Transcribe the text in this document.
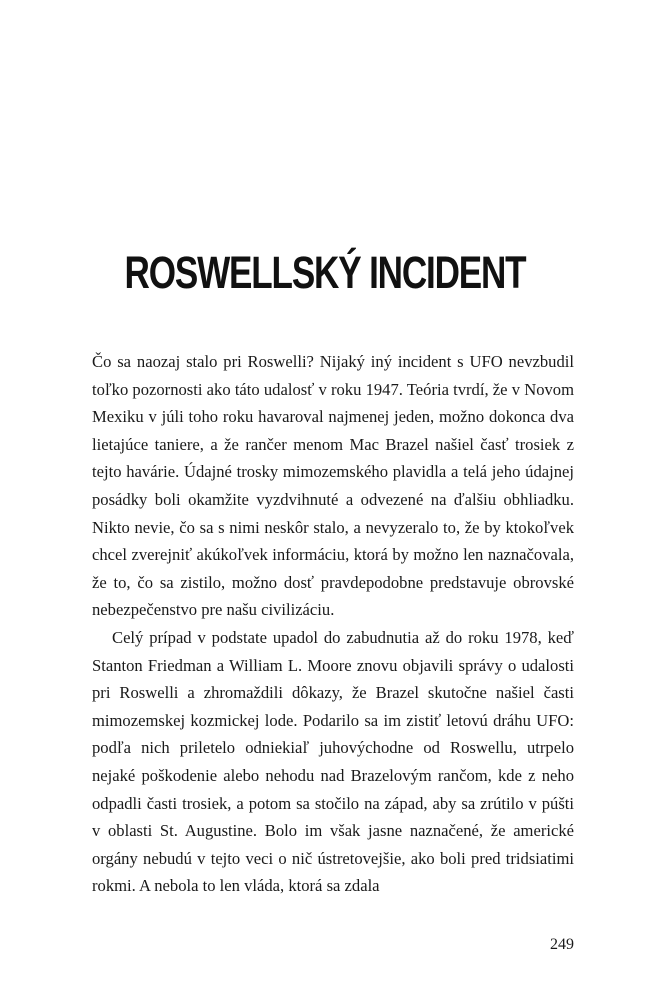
ROSWELLSKÝ INCIDENT

Čo sa naozaj stalo pri Roswelli? Nijaký iný incident s UFO nevzbudil toľko pozornosti ako táto udalosť v roku 1947. Teória tvrdí, že v Novom Mexiku v júli toho roku havaroval najmenej jeden, možno dokonca dva lietajúce taniere, a že rančer menom Mac Brazel našiel časť trosiek z tejto havárie. Údajné trosky mimozemského plavidla a telá jeho údajnej posádky boli okamžite vyzdvihnuté a odvezené na ďalšiu obhliadku. Nikto nevie, čo sa s nimi neskôr stalo, a nevyzeralo to, že by ktokoľvek chcel zverejniť akúkoľvek informáciu, ktorá by možno len naznačovala, že to, čo sa zistilo, možno dosť pravdepodobne predstavuje obrovské nebezpečenstvo pre našu civilizáciu.

Celý prípad v podstate upadol do zabudnutia až do roku 1978, keď Stanton Friedman a William L. Moore znovu objavili správy o udalosti pri Roswelli a zhromaždili dôkazy, že Brazel skutočne našiel časti mimozemskej kozmickej lode. Podarilo sa im zistiť letovú dráhu UFO: podľa nich priletelo odniekiaľ juhovýchodne od Roswellu, utrpelo nejaké poškodenie alebo nehodu nad Brazelovým rančom, kde z neho odpadli časti trosiek, a potom sa stočilo na západ, aby sa zrútilo v púšti v oblasti St. Augustine. Bolo im však jasne naznačené, že americké orgány nebudú v tejto veci o nič ústretovejšie, ako boli pred tridsiatimi rokmi. A nebola to len vláda, ktorá sa zdala

249
